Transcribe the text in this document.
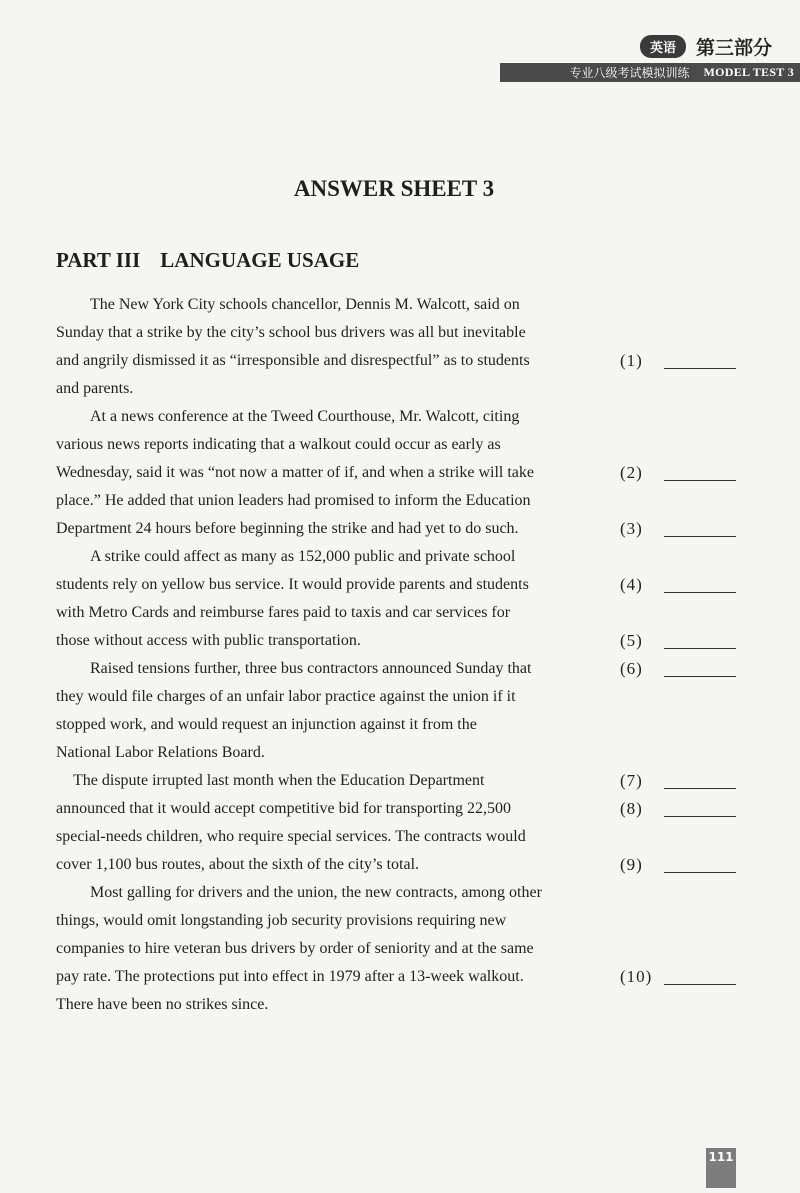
英语	第三部分
专业八级考试模拟训练 MODEL TEST 3
ANSWER SHEET 3
PART III LANGUAGE USAGE
The New York City schools chancellor, Dennis M. Walcott, said on
Sunday that a strike by the city’s school bus drivers was all but inevitable
and angrily dismissed it as “irresponsible and disrespectful” as to students	(1)
and parents.
At a news conference at the Tweed Courthouse, Mr. Walcott, citing
various news reports indicating that a walkout could occur as early as
Wednesday, said it was “not now a matter of if, and when a strike will take	(2)
place.” He added that union leaders had promised to inform the Education
Department 24 hours before beginning the strike and had yet to do such.	(3)
A strike could affect as many as 152,000 public and private school
students rely on yellow bus service. It would provide parents and students	(4)
with Metro Cards and reimburse fares paid to taxis and car services for
those without access with public transportation.	(5)
Raised tensions further, three bus contractors announced Sunday that	(6)
they would file charges of an unfair labor practice against the union if it
stopped work, and would request an injunction against it from the
National Labor Relations Board.
The dispute irrupted last month when the Education Department	(7)
announced that it would accept competitive bid for transporting 22,500	(8)
special-needs children, who require special services. The contracts would
cover 1,100 bus routes, about the sixth of the city’s total.	(9)
Most galling for drivers and the union, the new contracts, among other
things, would omit longstanding job security provisions requiring new
companies to hire veteran bus drivers by order of seniority and at the same
pay rate. The protections put into effect in 1979 after a 13-week walkout.	(10)
There have been no strikes since.
111
